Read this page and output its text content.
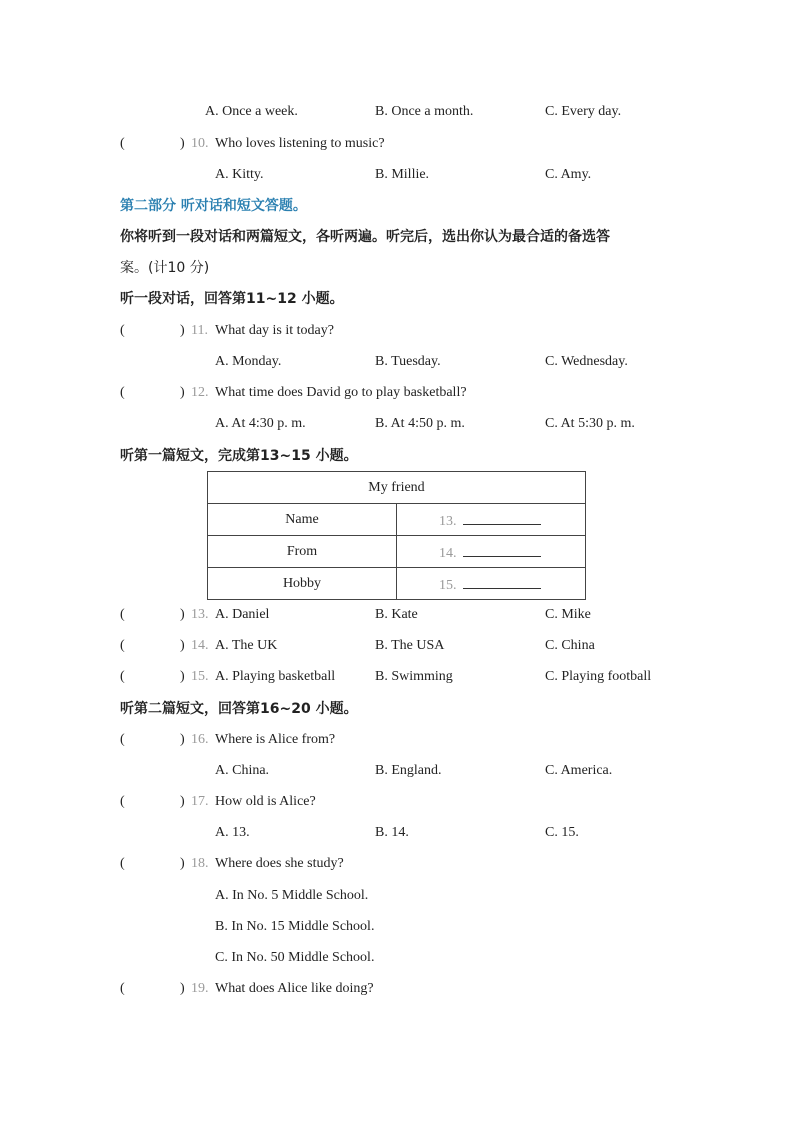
A. Once a week.	B. Once a month.	C. Every day.
(	) 10. Who loves listening to music?
A. Kitty.	B. Millie.	C. Amy.
第二部分 听对话和短文答题。
你将听到一段对话和两篇短文，各听两遍。听完后，选出你认为最合适的备选答
案。(计10 分)
听一段对话，回答第11~12 小题。
(	) 11. What day is it today?
A. Monday.	B. Tuesday.	C. Wednesday.
(	) 12. What time does David go to play basketball?
A. At 4:30 p. m.	B. At 4:50 p. m.	C. At 5:30 p. m.
听第一篇短文，完成第13~15 小题。
My friend	
Name	13.
From	14.
Hobby	15.
(	) 13. A. Daniel	B. Kate	C. Mike
(	) 14. A. The UK	B. The USA	C. China
(	) 15. A. Playing basketball	B. Swimming	C. Playing football
听第二篇短文，回答第16~20 小题。
(	) 16. Where is Alice from?
A. China.	B. England.	C. America.
(	) 17. How old is Alice?
A. 13.	B. 14.	C. 15.
(	) 18. Where does she study?
A. In No. 5 Middle School.
B. In No. 15 Middle School.
C. In No. 50 Middle School.
(	) 19. What does Alice like doing?
